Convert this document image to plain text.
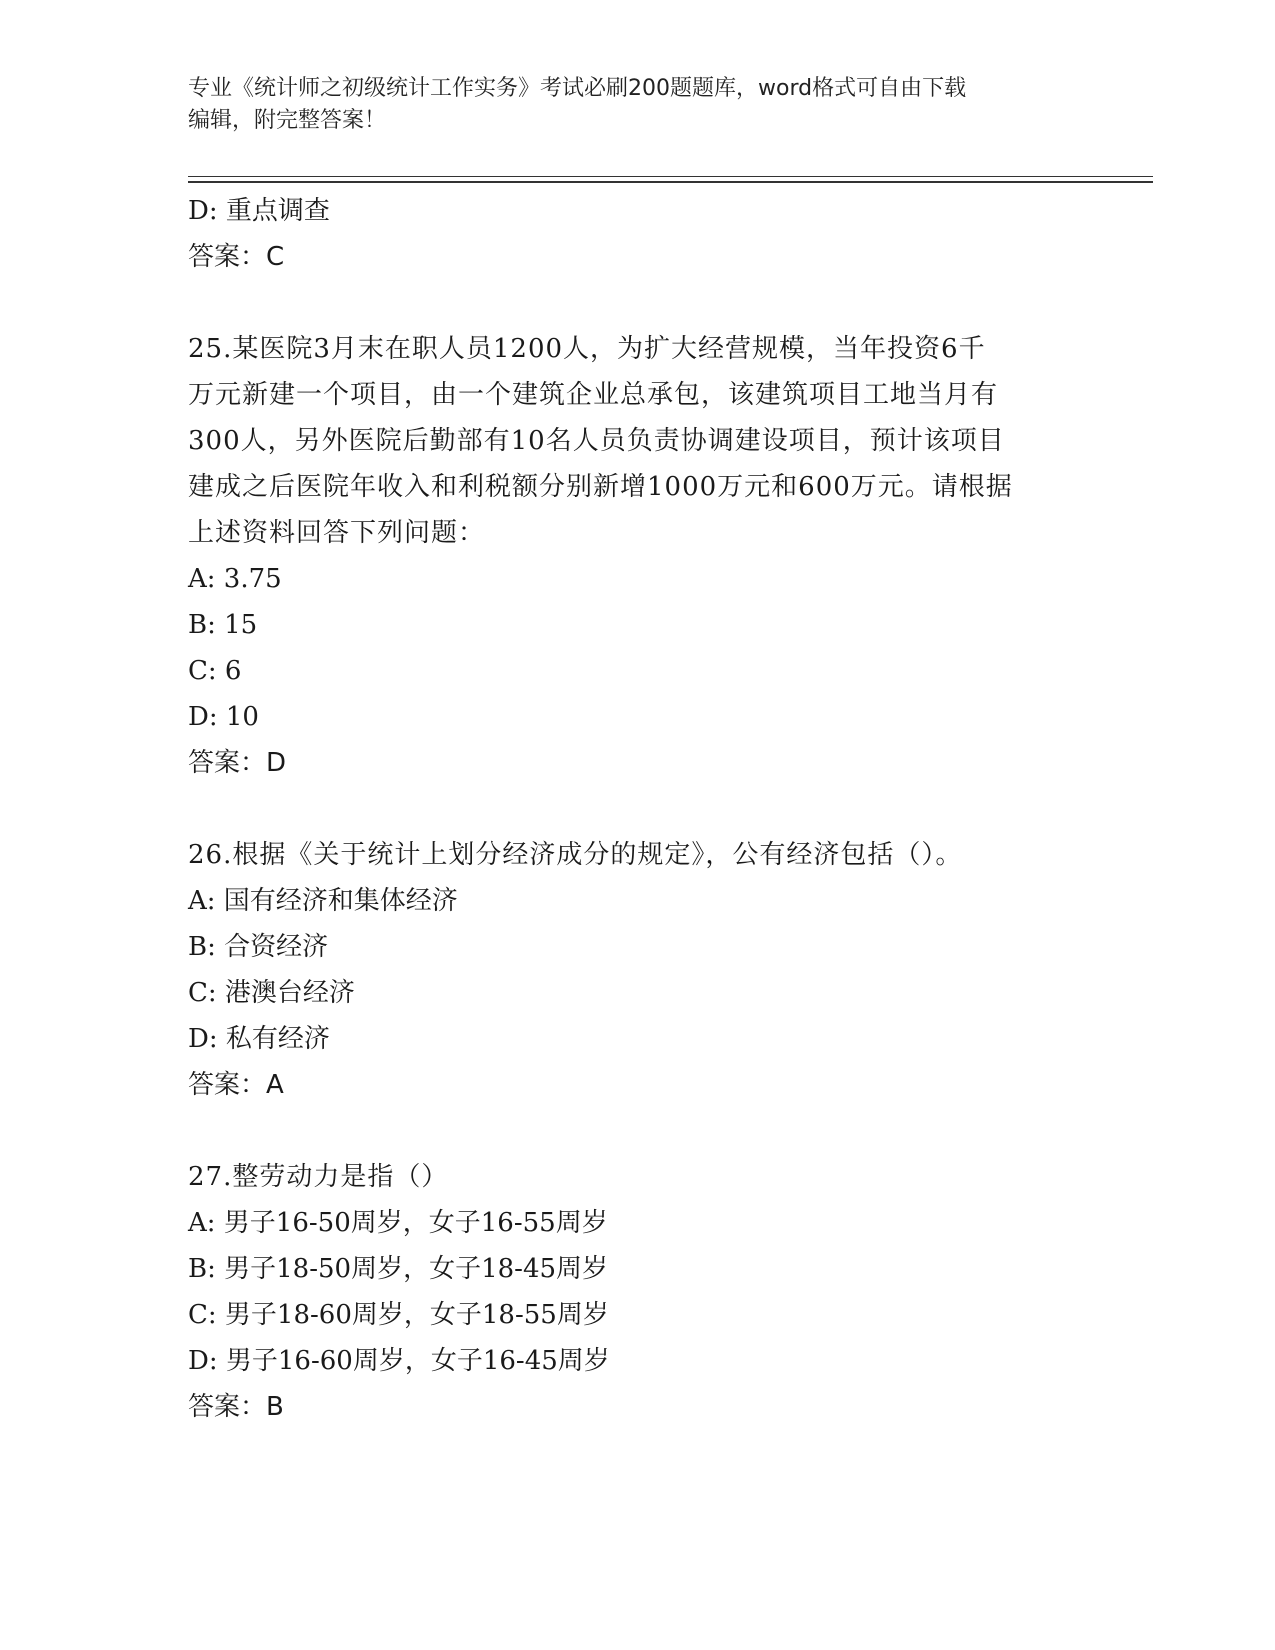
专业《统计师之初级统计工作实务》考试必刷200题题库，word格式可自由下载
编辑，附完整答案！
D: 重点调查
答案：C
25.某医院3月末在职人员1200人，为扩大经营规模，当年投资6千
万元新建一个项目，由一个建筑企业总承包，该建筑项目工地当月有
300人，另外医院后勤部有10名人员负责协调建设项目，预计该项目
建成之后医院年收入和利税额分别新增1000万元和600万元。请根据
上述资料回答下列问题：
A: 3.75
B: 15
C: 6
D: 10
答案：D
26.根据《关于统计上划分经济成分的规定》，公有经济包括（）。
A: 国有经济和集体经济
B: 合资经济
C: 港澳台经济
D: 私有经济
答案：A
27.整劳动力是指（）
A: 男子16-50周岁，女子16-55周岁
B: 男子18-50周岁，女子18-45周岁
C: 男子18-60周岁，女子18-55周岁
D: 男子16-60周岁，女子16-45周岁
答案：B
